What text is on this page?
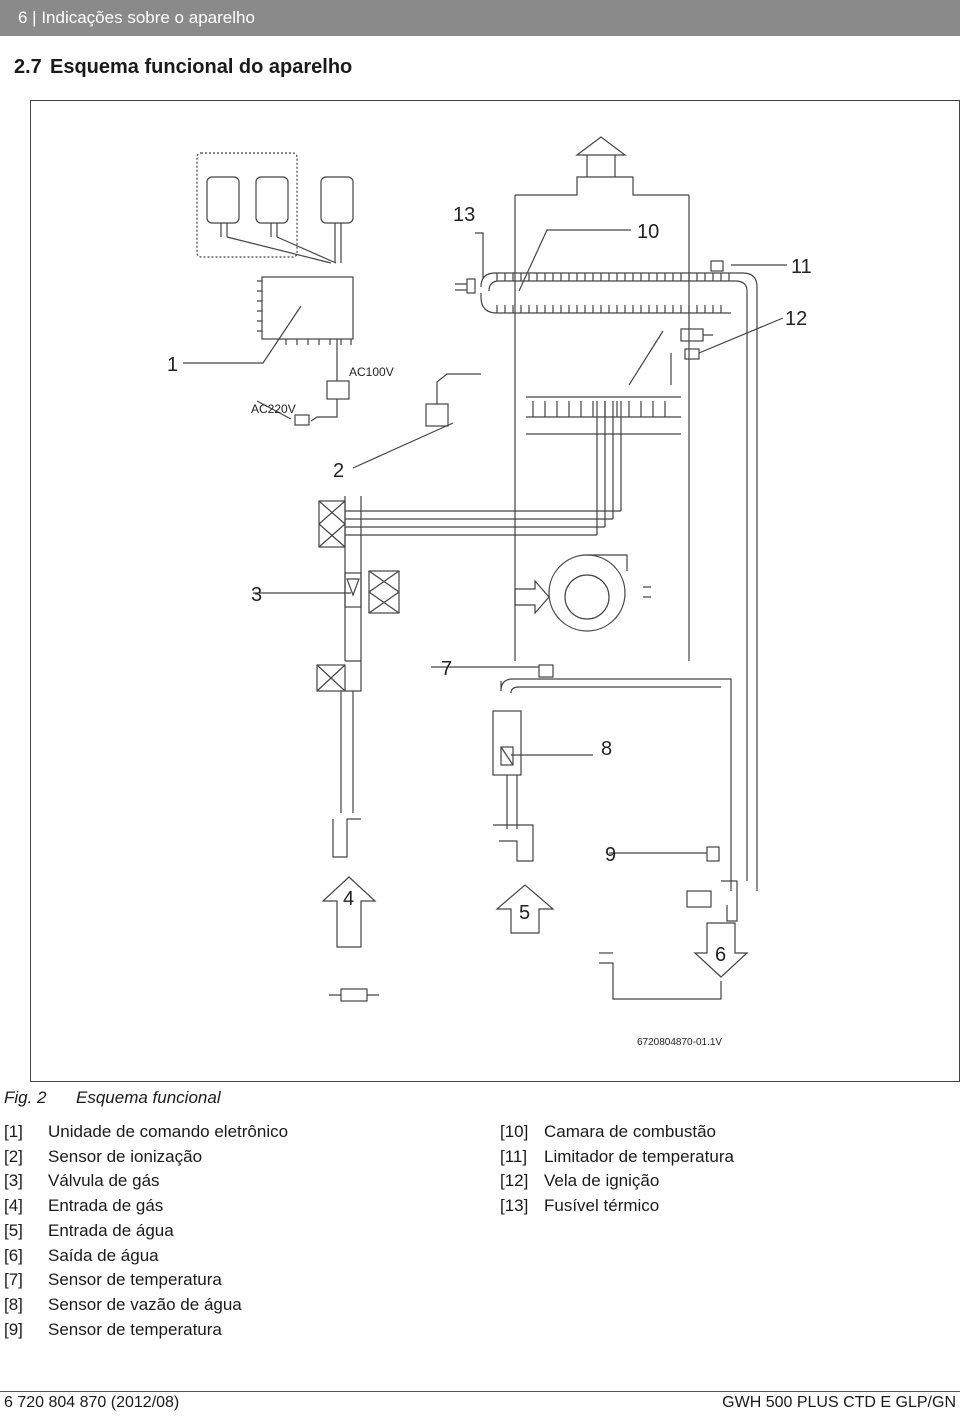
6 | Indicações sobre o aparelho
2.7 Esquema funcional do aparelho
1
2
3
4
5
6
7
8
9
10
11
12
13
AC100V
AC220V
6720804870-01.1V
Fig. 2 Esquema funcional
[1] Unidade de comando eletrônico
[2] Sensor de ionização
[3] Válvula de gás
[4] Entrada de gás
[5] Entrada de água
[6] Saída de água
[7] Sensor de temperatura
[8] Sensor de vazão de água
[9] Sensor de temperatura
[10] Camara de combustão
[11] Limitador de temperatura
[12] Vela de ignição
[13] Fusível térmico
6 720 804 870 (2012/08)	GWH 500 PLUS CTD E GLP/GN
